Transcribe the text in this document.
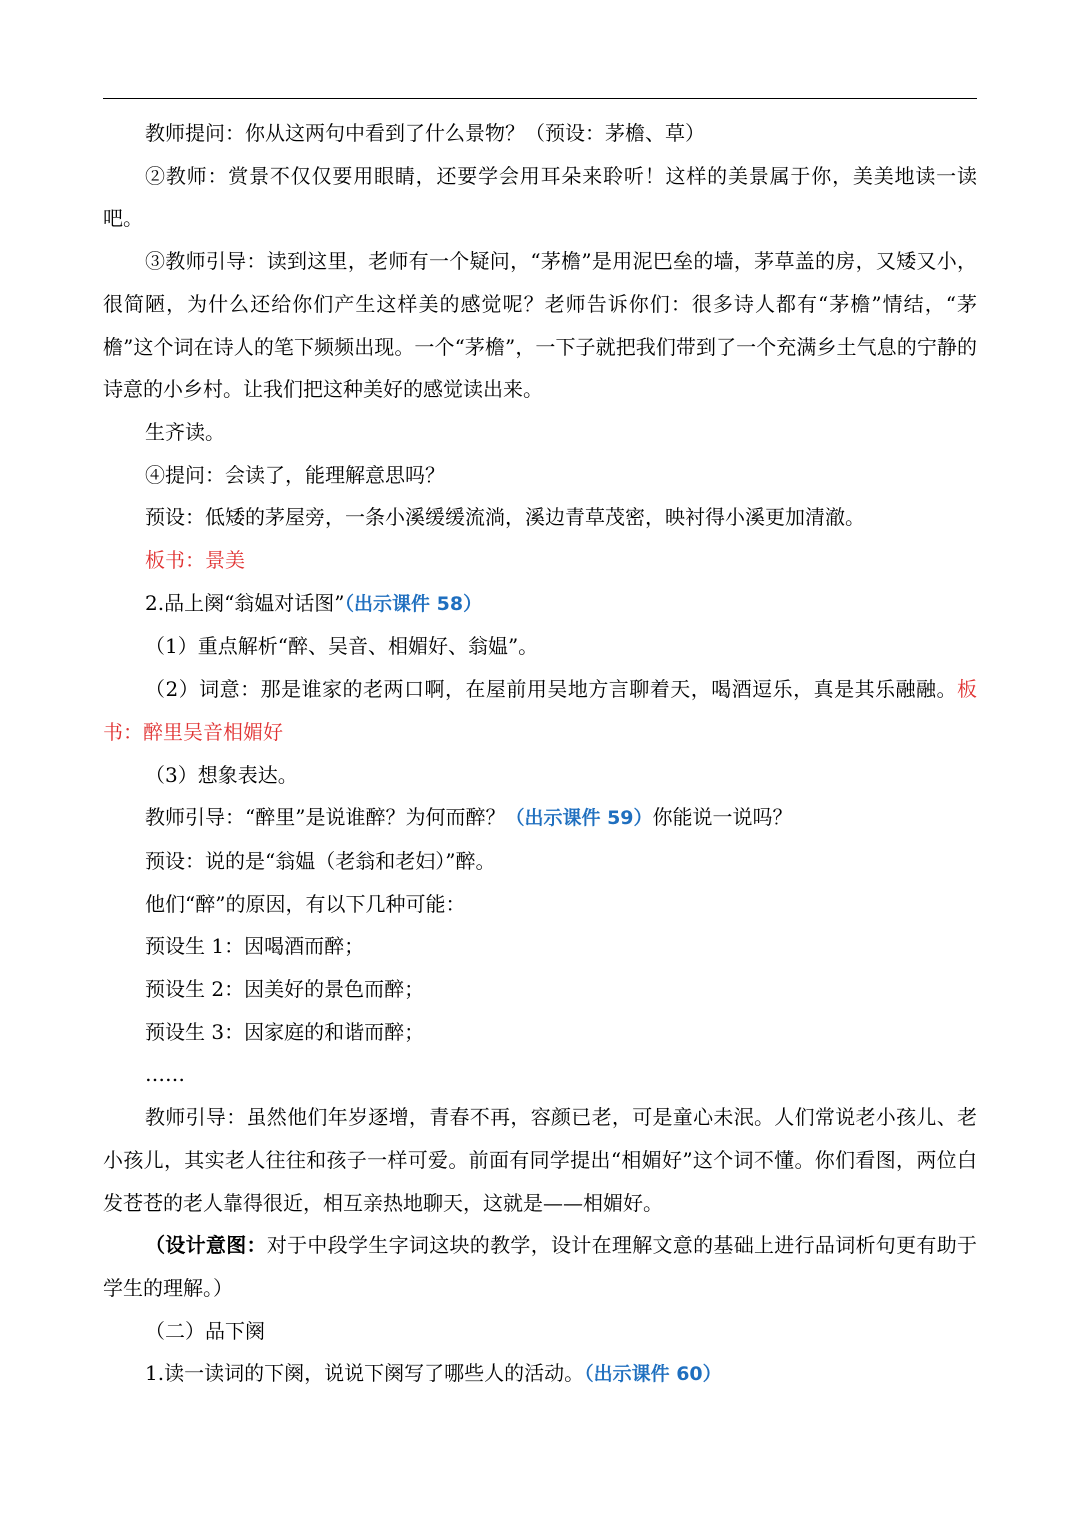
教师提问：你从这两句中看到了什么景物？（预设：茅檐、草）

②教师：赏景不仅仅要用眼睛，还要学会用耳朵来聆听！这样的美景属于你，美美地读一读吧。

③教师引导：读到这里，老师有一个疑问，“茅檐”是用泥巴垒的墙，茅草盖的房，又矮又小，很简陋，为什么还给你们产生这样美的感觉呢？老师告诉你们：很多诗人都有“茅檐”情结，“茅檐”这个词在诗人的笔下频频出现。一个“茅檐”，一下子就把我们带到了一个充满乡土气息的宁静的诗意的小乡村。让我们把这种美好的感觉读出来。

生齐读。

④提问：会读了，能理解意思吗？

预设：低矮的茅屋旁，一条小溪缓缓流淌，溪边青草茂密，映衬得小溪更加清澈。

板书：景美

2.品上阕“翁媪对话图”（出示课件 58）

（1）重点解析“醉、吴音、相媚好、翁媪”。

（2）词意：那是谁家的老两口啊，在屋前用吴地方言聊着天，喝酒逗乐，真是其乐融融。板书：醉里吴音相媚好

（3）想象表达。

教师引导：“醉里”是说谁醉？为何而醉？（出示课件 59）你能说一说吗？

预设：说的是“翁媪（老翁和老妇）”醉。

他们“醉”的原因，有以下几种可能：

预设生 1：因喝酒而醉；

预设生 2：因美好的景色而醉；

预设生 3：因家庭的和谐而醉；

……

教师引导：虽然他们年岁逐增，青春不再，容颜已老，可是童心未泯。人们常说老小孩儿、老小孩儿，其实老人往往和孩子一样可爱。前面有同学提出“相媚好”这个词不懂。你们看图，两位白发苍苍的老人靠得很近，相互亲热地聊天，这就是——相媚好。

（设计意图：对于中段学生字词这块的教学，设计在理解文意的基础上进行品词析句更有助于学生的理解。）

（二）品下阕

1.读一读词的下阕，说说下阕写了哪些人的活动。（出示课件 60）
